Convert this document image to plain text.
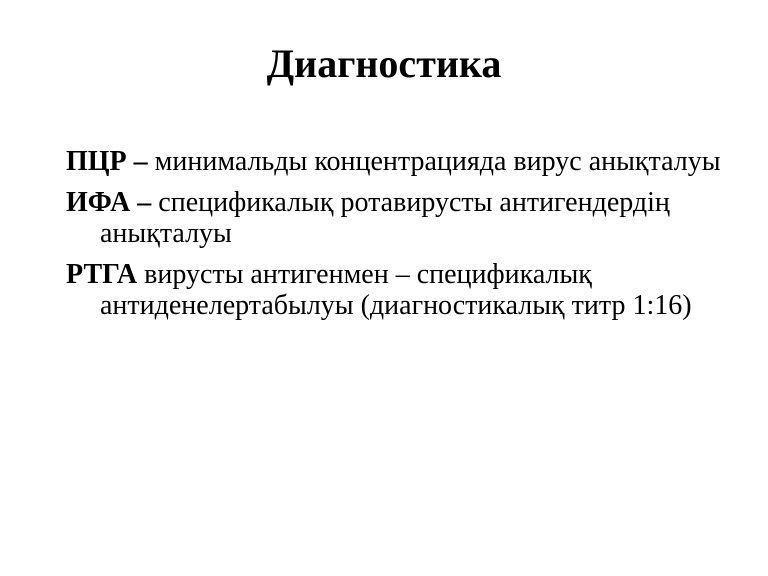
Диагностика

ПЦР – минимальды концентрацияда вирус анықталуы

ИФА – спецификалық ротавирусты антигендердің анықталуы

РТГА вирусты антигенмен – спецификалық антиденелертабылуы (диагностикалық титр 1:16)
